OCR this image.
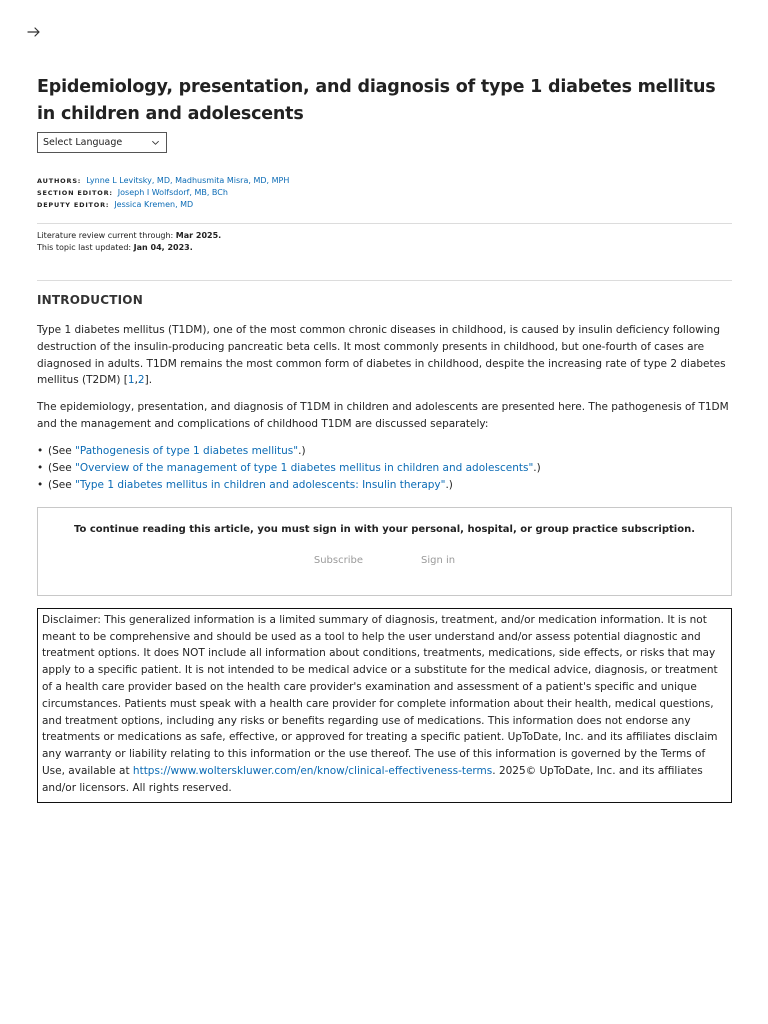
Epidemiology, presentation, and diagnosis of type 1 diabetes mellitus in children and adolescents
Select Language
AUTHORS: Lynne L Levitsky, MD, Madhusmita Misra, MD, MPH
SECTION EDITOR: Joseph I Wolfsdorf, MB, BCh
DEPUTY EDITOR: Jessica Kremen, MD
Literature review current through: Mar 2025.
This topic last updated: Jan 04, 2023.
INTRODUCTION

Type 1 diabetes mellitus (T1DM), one of the most common chronic diseases in childhood, is caused by insulin deficiency following destruction of the insulin-producing pancreatic beta cells. It most commonly presents in childhood, but one-fourth of cases are diagnosed in adults. T1DM remains the most common form of diabetes in childhood, despite the increasing rate of type 2 diabetes mellitus (T2DM) [1,2].

The epidemiology, presentation, and diagnosis of T1DM in children and adolescents are presented here. The pathogenesis of T1DM and the management and complications of childhood T1DM are discussed separately:

• (See "Pathogenesis of type 1 diabetes mellitus".)
• (See "Overview of the management of type 1 diabetes mellitus in children and adolescents".)
• (See "Type 1 diabetes mellitus in children and adolescents: Insulin therapy".)
To continue reading this article, you must sign in with your personal, hospital, or group practice subscription.
Subscribe	Sign in
Disclaimer: This generalized information is a limited summary of diagnosis, treatment, and/or medication information. It is not meant to be comprehensive and should be used as a tool to help the user understand and/or assess potential diagnostic and treatment options. It does NOT include all information about conditions, treatments, medications, side effects, or risks that may apply to a specific patient. It is not intended to be medical advice or a substitute for the medical advice, diagnosis, or treatment of a health care provider based on the health care provider's examination and assessment of a patient's specific and unique circumstances. Patients must speak with a health care provider for complete information about their health, medical questions, and treatment options, including any risks or benefits regarding use of medications. This information does not endorse any treatments or medications as safe, effective, or approved for treating a specific patient. UpToDate, Inc. and its affiliates disclaim any warranty or liability relating to this information or the use thereof. The use of this information is governed by the Terms of Use, available at https://www.wolterskluwer.com/en/know/clinical-effectiveness-terms. 2025© UpToDate, Inc. and its affiliates and/or licensors. All rights reserved.
